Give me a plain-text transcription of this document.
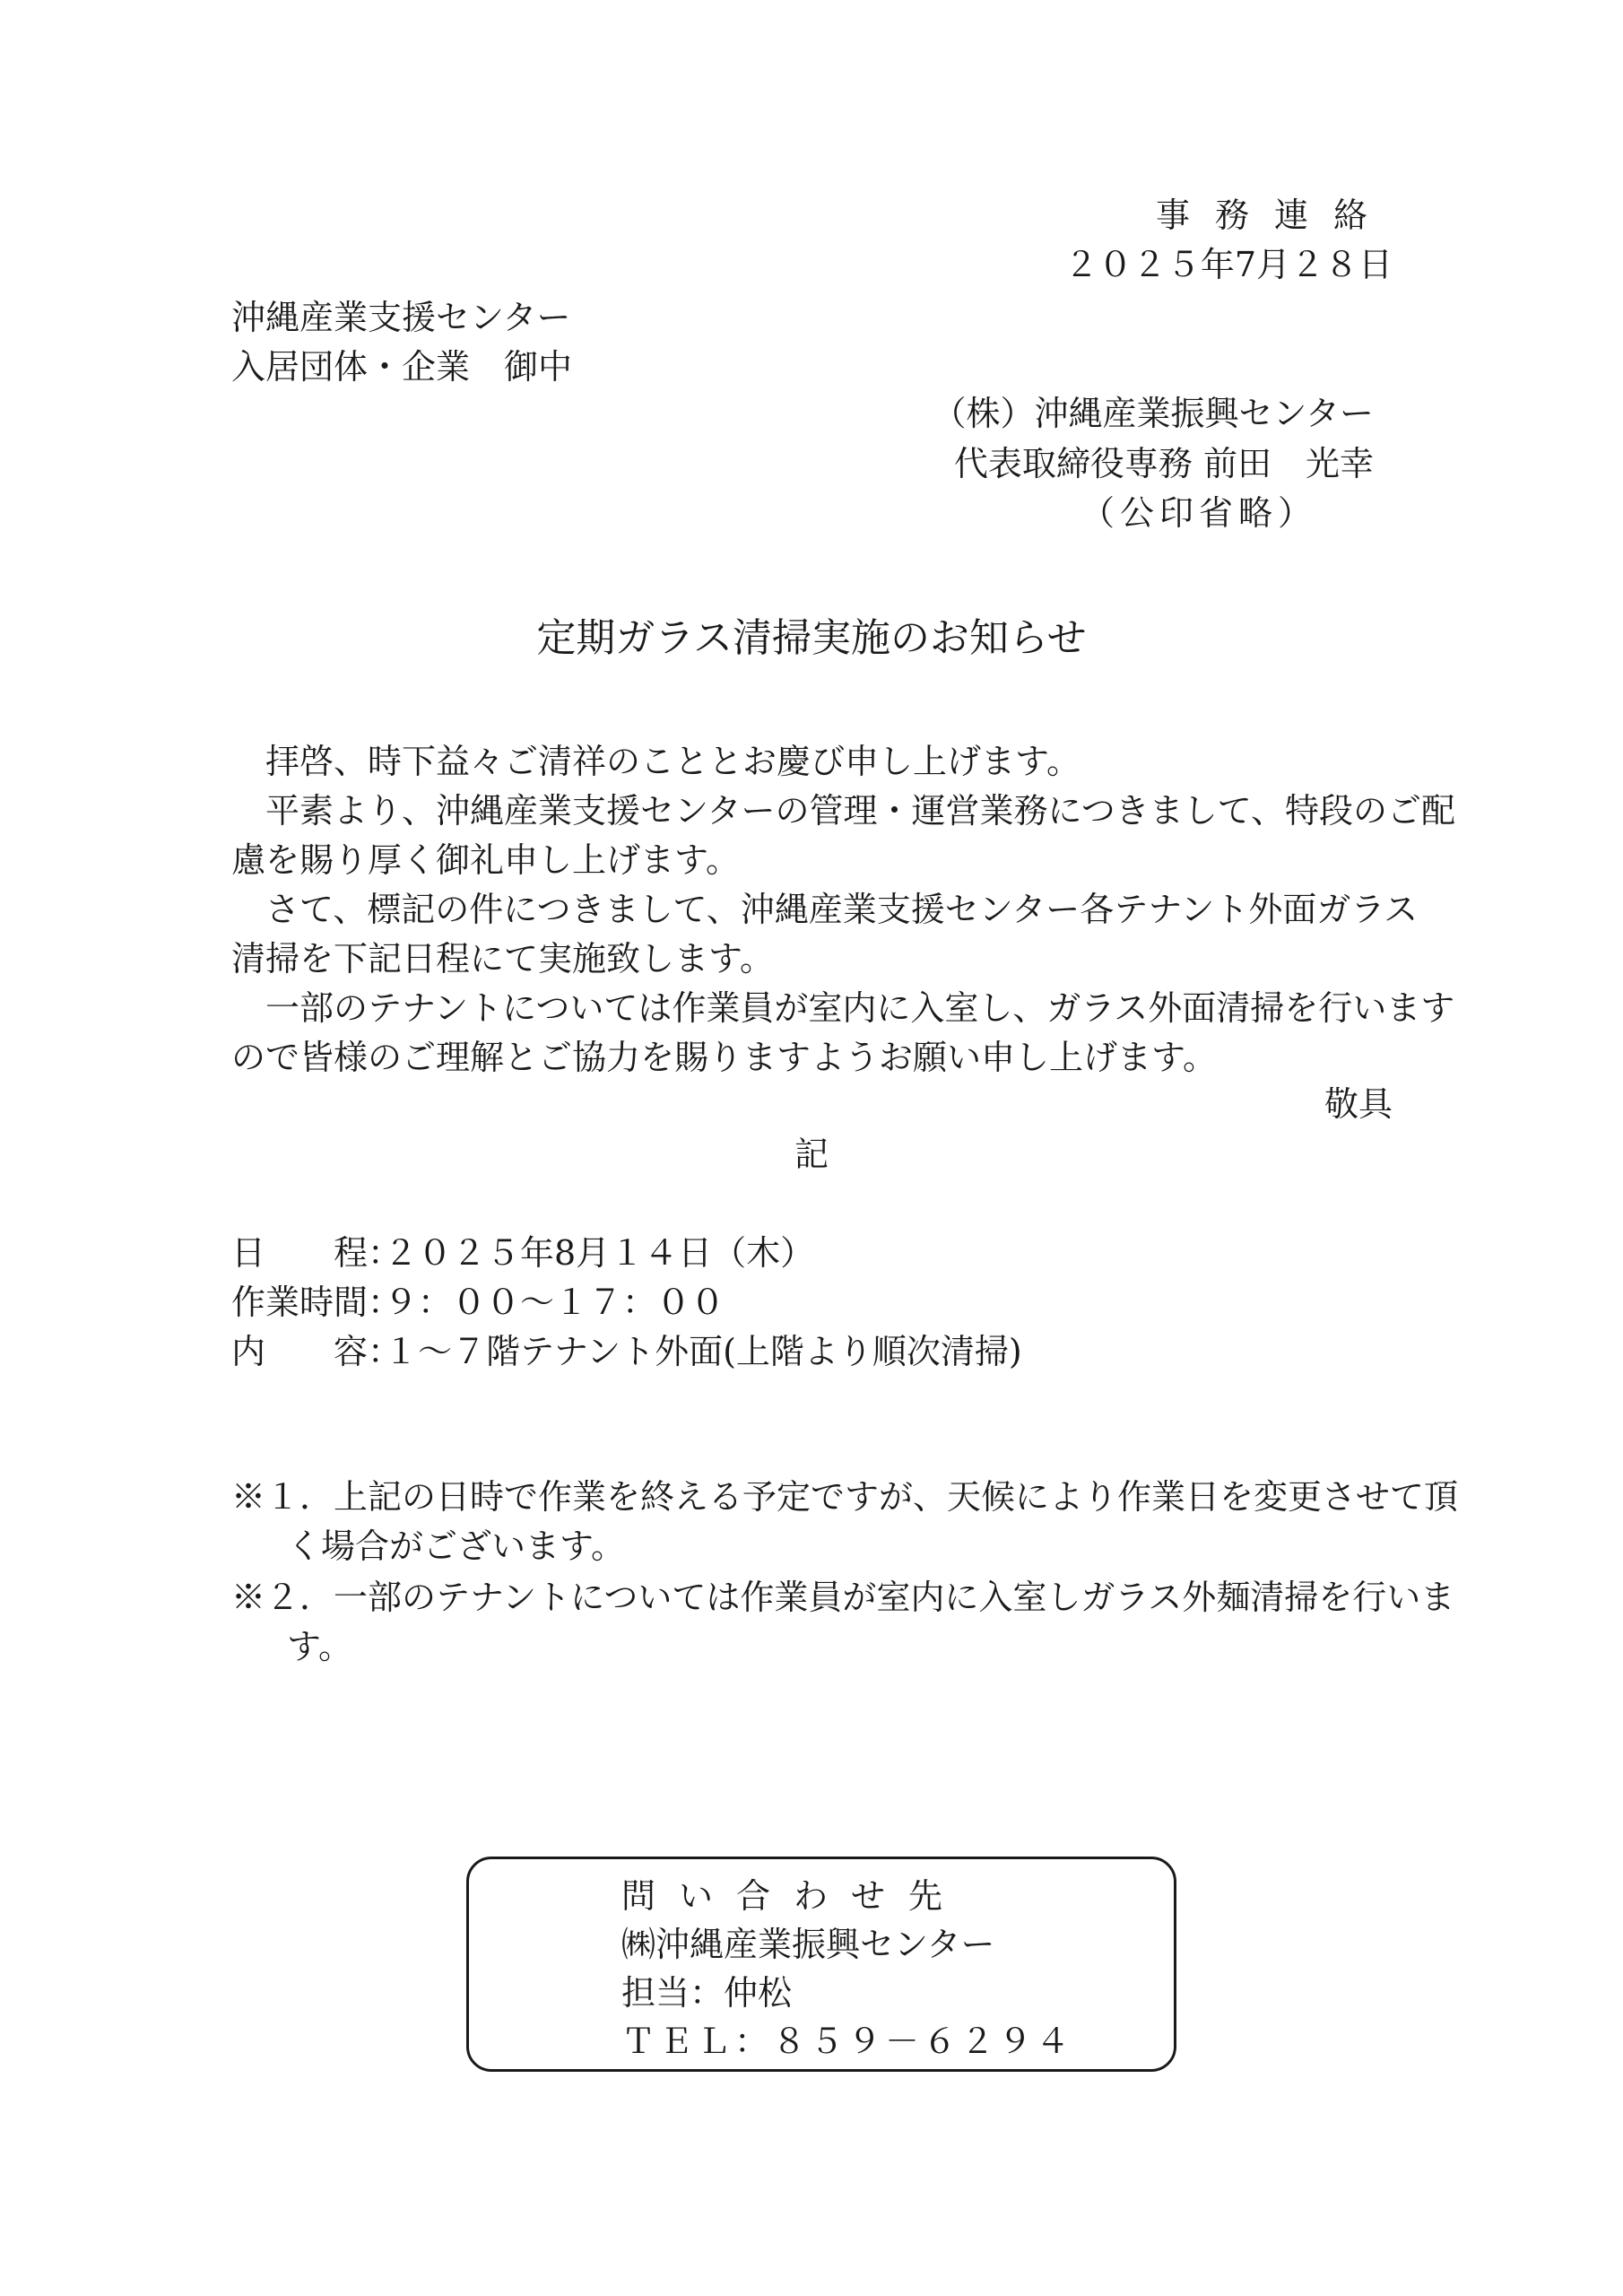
事務連絡
２０２５年7月２８日
沖縄産業支援センター
入居団体・企業　御中
（株）沖縄産業振興センター
代表取締役専務 前田　光幸
（公印省略）
定期ガラス清掃実施のお知らせ
　拝啓、時下益々ご清祥のこととお慶び申し上げます。
　平素より、沖縄産業支援センターの管理・運営業務につきまして、特段のご配
慮を賜り厚く御礼申し上げます。
　さて、標記の件につきまして、沖縄産業支援センター各テナント外面ガラス
清掃を下記日程にて実施致します。
　一部のテナントについては作業員が室内に入室し、ガラス外面清掃を行います
ので皆様のご理解とご協力を賜りますようお願い申し上げます。
敬具
記
日　　程：２０２５年8月１４日（木）
作業時間：９：００～１７：００
内　　容：１～７階テナント外面(上階より順次清掃)
※１．上記の日時で作業を終える予定ですが、天候により作業日を変更させて頂
く場合がございます。
※２．一部のテナントについては作業員が室内に入室しガラス外麺清掃を行いま
す。
問い合わせ先
㈱沖縄産業振興センター
担当：仲松
ＴＥＬ：８５９－６２９４
